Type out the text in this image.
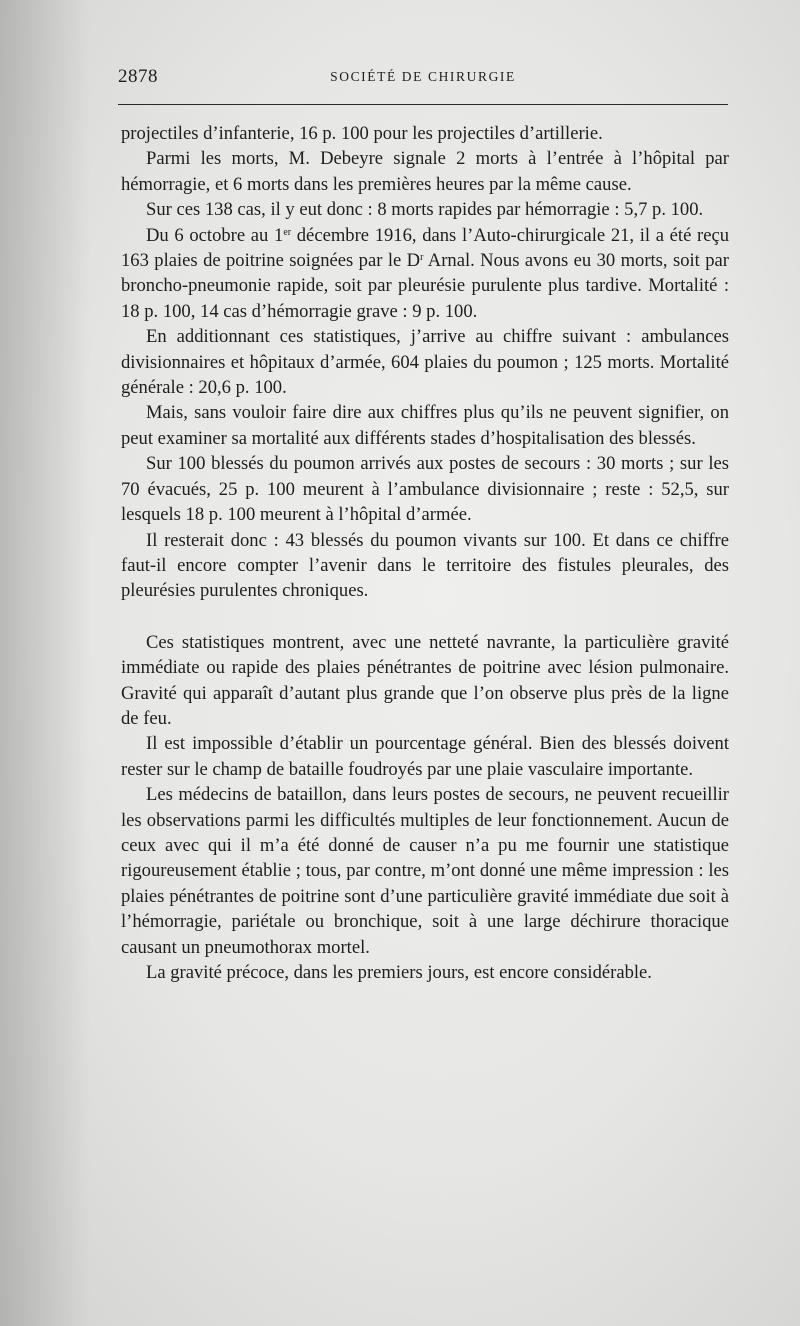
2878	SOCIÉTÉ DE CHIRURGIE

projectiles d’infanterie, 16 p. 100 pour les projectiles d’artillerie.

Parmi les morts, M. Debeyre signale 2 morts à l’entrée à l’hôpital par hémorragie, et 6 morts dans les premières heures par la même cause.

Sur ces 138 cas, il y eut donc : 8 morts rapides par hémorragie : 5,7 p. 100.

Du 6 octobre au 1er décembre 1916, dans l’Auto-chirurgicale 21, il a été reçu 163 plaies de poitrine soignées par le $D^r$ Arnal. Nous avons eu 30 morts, soit par broncho-pneumonie rapide, soit par pleurésie purulente plus tardive. Mortalité : 18 p. 100, 14 cas d’hémorragie grave : 9 p. 100.

En additionnant ces statistiques, j’arrive au chiffre suivant : ambulances divisionnaires et hôpitaux d’armée, 604 plaies du poumon ; 125 morts. Mortalité générale : 20,6 p. 100.

Mais, sans vouloir faire dire aux chiffres plus qu’ils ne peuvent signifier, on peut examiner sa mortalité aux différents stades d’hospitalisation des blessés.

Sur 100 blessés du poumon arrivés aux postes de secours : 30 morts ; sur les 70 évacués, 25 p. 100 meurent à l’ambulance divisionnaire ; reste : 52,5, sur lesquels 18 p. 100 meurent à l’hôpital d’armée.

Il resterait donc : 43 blessés du poumon vivants sur 100. Et dans ce chiffre faut-il encore compter l’avenir dans le territoire des fistules pleurales, des pleurésies purulentes chroniques.

Ces statistiques montrent, avec une netteté navrante, la particulière gravité immédiate ou rapide des plaies pénétrantes de poitrine avec lésion pulmonaire. Gravité qui apparaît d’autant plus grande que l’on observe plus près de la ligne de feu.

Il est impossible d’établir un pourcentage général. Bien des blessés doivent rester sur le champ de bataille foudroyés par une plaie vasculaire importante.

Les médecins de bataillon, dans leurs postes de secours, ne peuvent recueillir les observations parmi les difficultés multiples de leur fonctionnement. Aucun de ceux avec qui il m’a été donné de causer n’a pu me fournir une statistique rigoureusement établie ; tous, par contre, m’ont donné une même impression : les plaies pénétrantes de poitrine sont d’une particulière gravité immédiate due soit à l’hémorragie, pariétale ou bronchique, soit à une large déchirure thoracique causant un pneumothorax mortel.

La gravité précoce, dans les premiers jours, est encore considérable.
